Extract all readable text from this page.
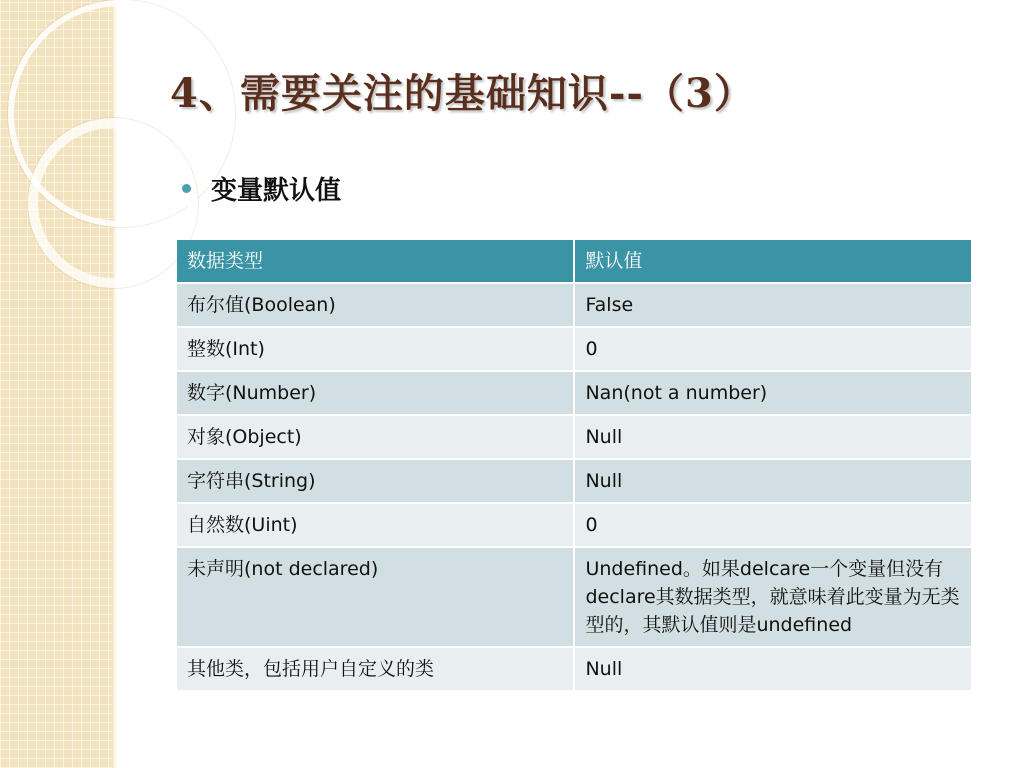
4、需要关注的基础知识--（3）
变量默认值
数据类型	默认值
布尔值(Boolean)	False
整数(Int)	0
数字(Number)	Nan(not a number)
对象(Object)	Null
字符串(String)	Null
自然数(Uint)	0
未声明(not declared)	Undefined。如果delcare一个变量但没有declare其数据类型，就意味着此变量为无类型的，其默认值则是undefined
其他类，包括用户自定义的类	Null
